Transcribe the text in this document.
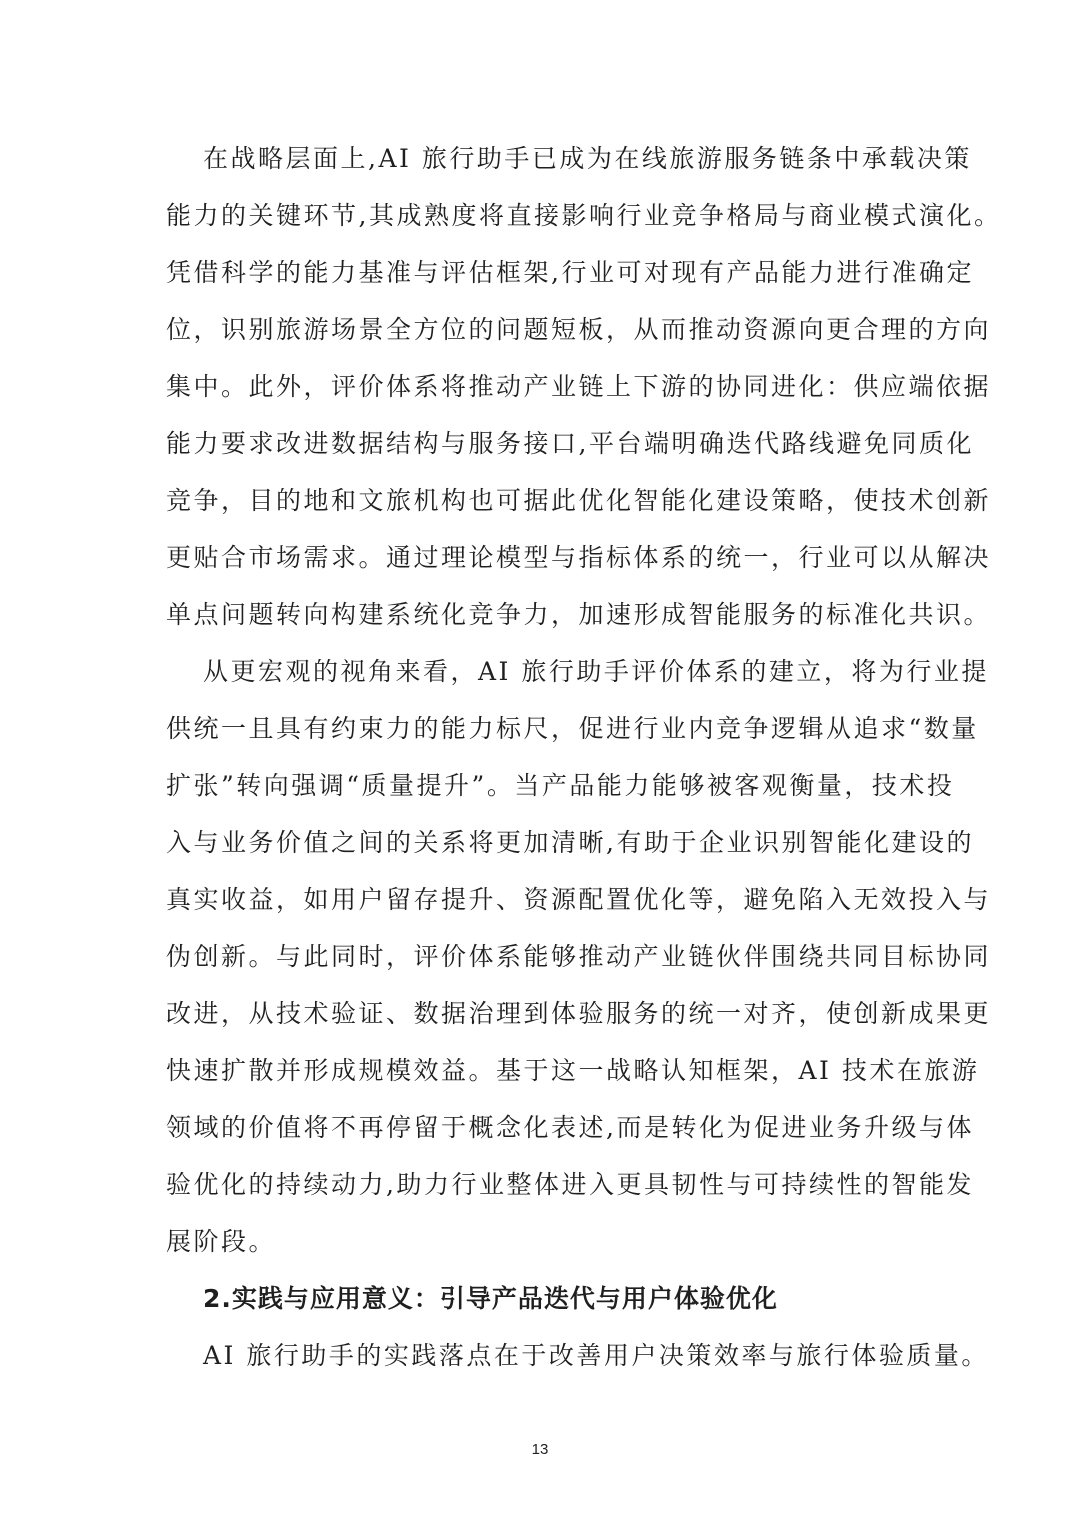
在战略层面上,AI 旅行助手已成为在线旅游服务链条中承载决策
能力的关键环节,其成熟度将直接影响行业竞争格局与商业模式演化。
凭借科学的能力基准与评估框架,行业可对现有产品能力进行准确定
位，识别旅游场景全方位的问题短板，从而推动资源向更合理的方向
集中。此外，评价体系将推动产业链上下游的协同进化：供应端依据
能力要求改进数据结构与服务接口,平台端明确迭代路线避免同质化
竞争，目的地和文旅机构也可据此优化智能化建设策略，使技术创新
更贴合市场需求。通过理论模型与指标体系的统一，行业可以从解决
单点问题转向构建系统化竞争力，加速形成智能服务的标准化共识。
从更宏观的视角来看，AI 旅行助手评价体系的建立，将为行业提
供统一且具有约束力的能力标尺，促进行业内竞争逻辑从追求“数量
扩张”转向强调“质量提升”。当产品能力能够被客观衡量，技术投
入与业务价值之间的关系将更加清晰,有助于企业识别智能化建设的
真实收益，如用户留存提升、资源配置优化等，避免陷入无效投入与
伪创新。与此同时，评价体系能够推动产业链伙伴围绕共同目标协同
改进，从技术验证、数据治理到体验服务的统一对齐，使创新成果更
快速扩散并形成规模效益。基于这一战略认知框架，AI 技术在旅游
领域的价值将不再停留于概念化表述,而是转化为促进业务升级与体
验优化的持续动力,助力行业整体进入更具韧性与可持续性的智能发
展阶段。
2.实践与应用意义：引导产品迭代与用户体验优化
AI 旅行助手的实践落点在于改善用户决策效率与旅行体验质量。
13
